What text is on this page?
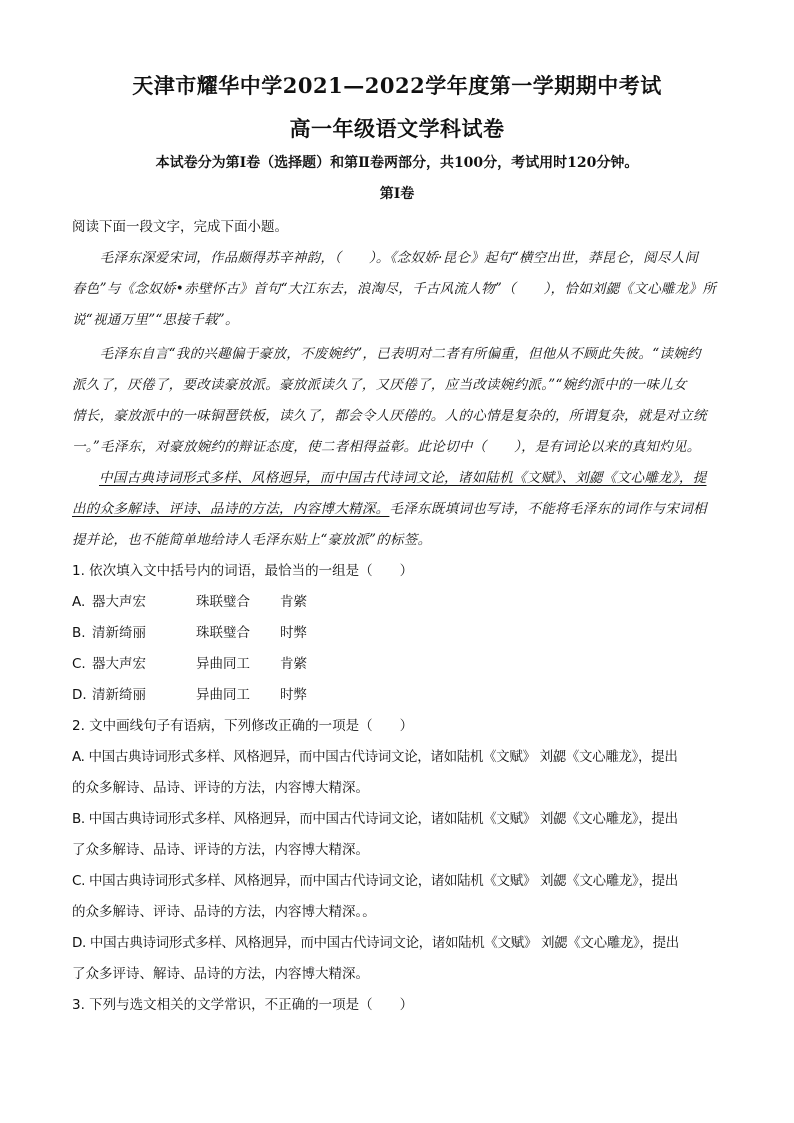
天津市耀华中学2021—2022学年度第一学期期中考试
高一年级语文学科试卷
本试卷分为第Ⅰ卷（选择题）和第Ⅱ卷两部分，共100分，考试用时120分钟。
第Ⅰ卷
阅读下面一段文字，完成下面小题。
　　毛泽东深爱宋词，作品颇得苏辛神韵，（　　）。《念奴娇·昆仑》起句“横空出世，莽昆仑，阅尽人间
春色”与《念奴娇•赤壁怀古》首句“大江东去，浪淘尽，千古风流人物”（　　），恰如刘勰《文心雕龙》所
说“视通万里”“思接千载”。
　　毛泽东自言“我的兴趣偏于豪放，不废婉约”，已表明对二者有所偏重，但他从不顾此失彼。“读婉约
派久了，厌倦了，要改读豪放派。豪放派读久了，又厌倦了，应当改读婉约派。”“婉约派中的一味儿女
情长，豪放派中的一味铜琶铁板，读久了，都会令人厌倦的。人的心情是复杂的，所谓复杂，就是对立统
一。”毛泽东，对豪放婉约的辩证态度，使二者相得益彰。此论切中（　　），是有词论以来的真知灼见。
中国古典诗词形式多样、风格迥异，而中国古代诗词文论，诸如陆机《文赋》、刘勰《文心雕龙》，提
出的众多解诗、评诗、品诗的方法，内容博大精深。毛泽东既填词也写诗，不能将毛泽东的词作与宋词相
提并论，也不能简单地给诗人毛泽东贴上“豪放派”的标签。
1. 依次填入文中括号内的词语，最恰当的一组是（　　）
A. 器大声宏	珠联璧合 肯綮
B. 清新绮丽	珠联璧合 时弊
C. 器大声宏	异曲同工 肯綮
D. 清新绮丽	异曲同工 时弊
2. 文中画线句子有语病，下列修改正确的一项是（　　）
A. 中国古典诗词形式多样、风格迥异，而中国古代诗词文论，诸如陆机《文赋》 刘勰《文心雕龙》，提出
的众多解诗、品诗、评诗的方法，内容博大精深。
B. 中国古典诗词形式多样、风格迥异，而中国古代诗词文论，诸如陆机《文赋》 刘勰《文心雕龙》，提出
了众多解诗、品诗、评诗的方法，内容博大精深。
C. 中国古典诗词形式多样、风格迥异，而中国古代诗词文论，诸如陆机《文赋》 刘勰《文心雕龙》，提出
的众多解诗、评诗、品诗的方法，内容博大精深。。
D. 中国古典诗词形式多样、风格迥异，而中国古代诗词文论，诸如陆机《文赋》 刘勰《文心雕龙》，提出
了众多评诗、解诗、品诗的方法，内容博大精深。
3. 下列与选文相关的文学常识，不正确的一项是（　　）
